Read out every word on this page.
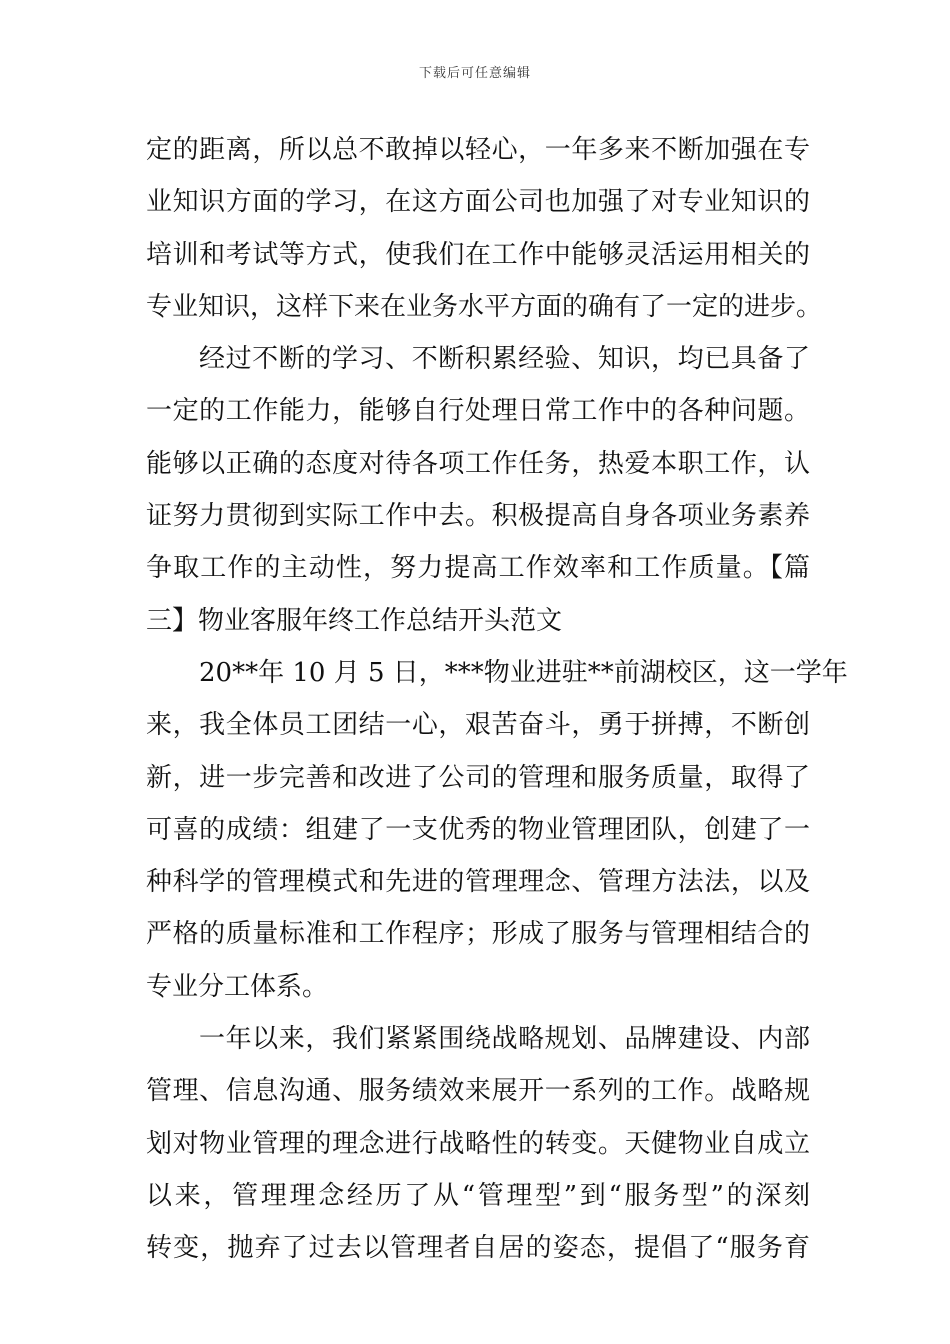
下载后可任意编辑
定的距离，所以总不敢掉以轻心，一年多来不断加强在专
业知识方面的学习，在这方面公司也加强了对专业知识的
培训和考试等方式，使我们在工作中能够灵活运用相关的
专业知识，这样下来在业务水平方面的确有了一定的进步。
经过不断的学习、不断积累经验、知识，均已具备了
一定的工作能力，能够自行处理日常工作中的各种问题。
能够以正确的态度对待各项工作任务，热爱本职工作，认
证努力贯彻到实际工作中去。积极提高自身各项业务素养
争取工作的主动性，努力提高工作效率和工作质量。【篇
三】物业客服年终工作总结开头范文
20**年 10 月 5 日，***物业进驻**前湖校区，这一学年
来，我全体员工团结一心，艰苦奋斗，勇于拼搏，不断创
新，进一步完善和改进了公司的管理和服务质量，取得了
可喜的成绩：组建了一支优秀的物业管理团队，创建了一
种科学的管理模式和先进的管理理念、管理方法法，以及
严格的质量标准和工作程序；形成了服务与管理相结合的
专业分工体系。
一年以来，我们紧紧围绕战略规划、品牌建设、内部
管理、信息沟通、服务绩效来展开一系列的工作。战略规
划对物业管理的理念进行战略性的转变。天健物业自成立
以来，管理理念经历了从“管理型”到“服务型”的深刻
转变，抛弃了过去以管理者自居的姿态，提倡了“服务育
